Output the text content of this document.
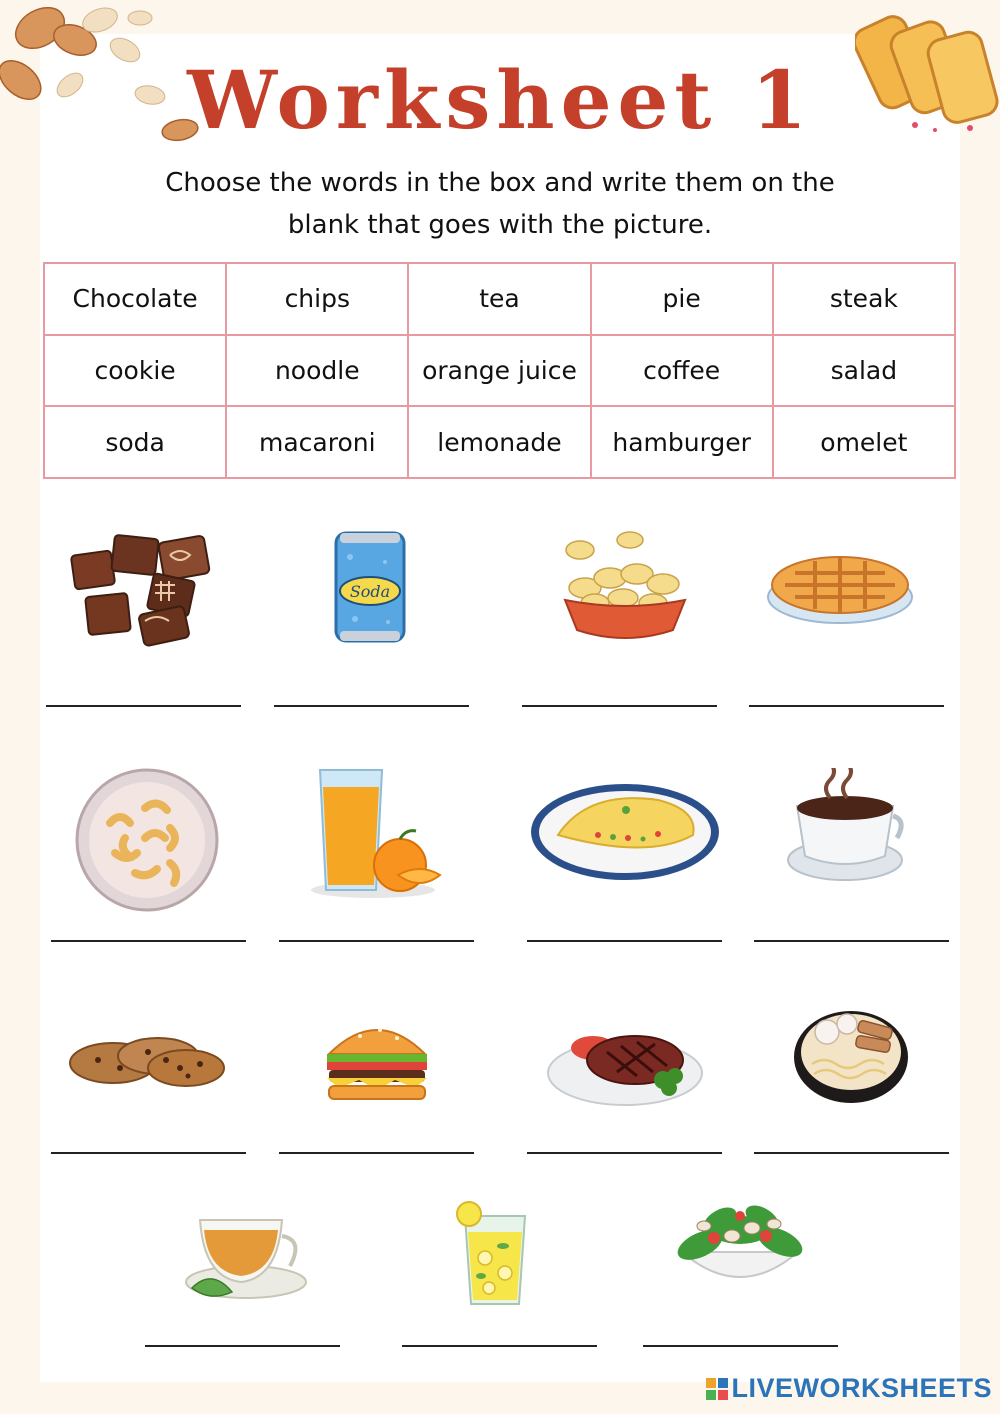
Worksheet 1
Choose the words in the box and write them on the
blank that goes with the picture.
Chocolate	chips	tea	pie	steak
cookie	noodle	orange juice	coffee	salad
soda	macaroni	lemonade	hamburger	omelet
Soda
LIVEWORKSHEETS
